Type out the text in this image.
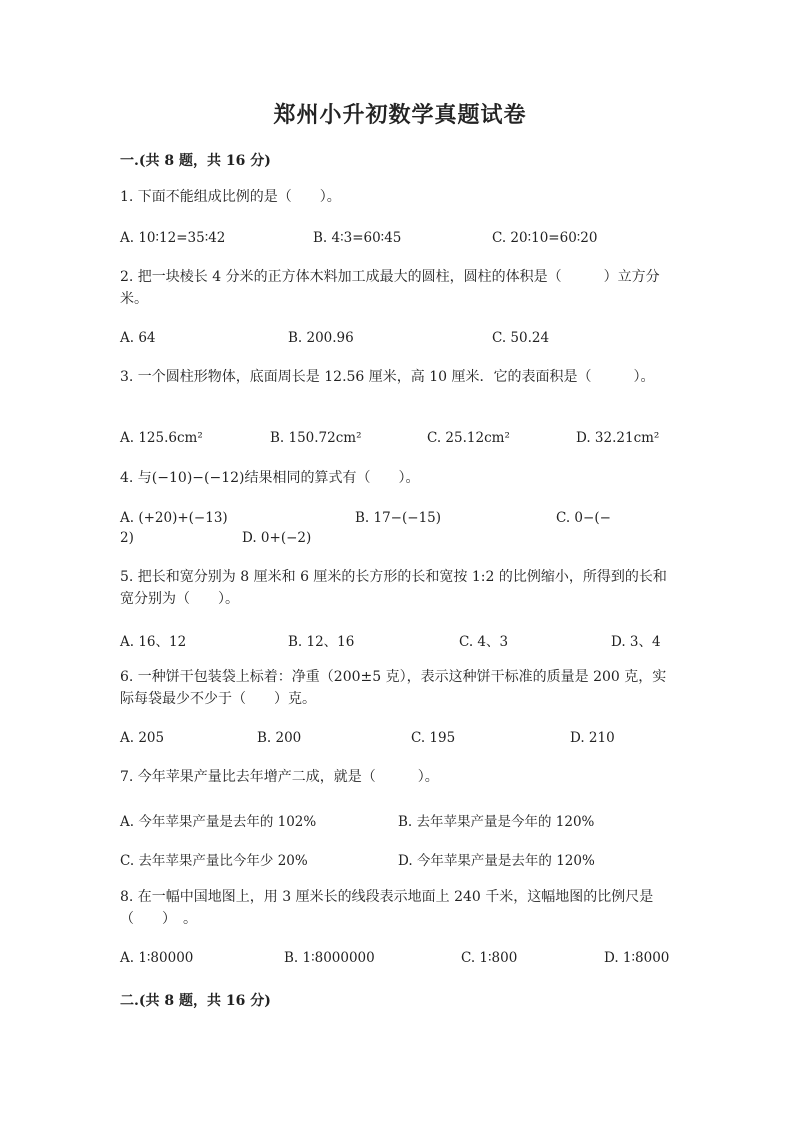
郑州小升初数学真题试卷
一.(共 8 题，共 16 分)
1. 下面不能组成比例的是（　　）。
A. 10∶12=35∶42	B. 4∶3=60∶45	C. 20∶10=60∶20
2. 把一块棱长 4 分米的正方体木料加工成最大的圆柱，圆柱的体积是（　　　）立方分米。
A. 64	B. 200.96	C. 50.24
3. 一个圆柱形物体，底面周长是 12.56 厘米，高 10 厘米．它的表面积是（　　　）。
A. 125.6cm²	B. 150.72cm²	C. 25.12cm²	D. 32.21cm²
4. 与(−10)−(−12)结果相同的算式有（　　）。
A. (+20)+(−13)	B. 17−(−15)	C. 0−(−
2)	D. 0+(−2)
5. 把长和宽分别为 8 厘米和 6 厘米的长方形的长和宽按 1:2 的比例缩小，所得到的长和宽分别为（　　）。
A. 16、12	B. 12、16	C. 4、3	D. 3、4
6. 一种饼干包装袋上标着：净重（200±5 克），表示这种饼干标准的质量是 200 克，实际每袋最少不少于（　　）克。
A. 205	B. 200	C. 195	D. 210
7. 今年苹果产量比去年增产二成，就是（　　　）。
A. 今年苹果产量是去年的 102%	B. 去年苹果产量是今年的 120%
C. 去年苹果产量比今年少 20%	D. 今年苹果产量是去年的 120%
8. 在一幅中国地图上，用 3 厘米长的线段表示地面上 240 千米，这幅地图的比例尺是（　　）　。
A. 1∶80000	B. 1∶8000000	C. 1∶800	D. 1∶8000
二.(共 8 题，共 16 分)
